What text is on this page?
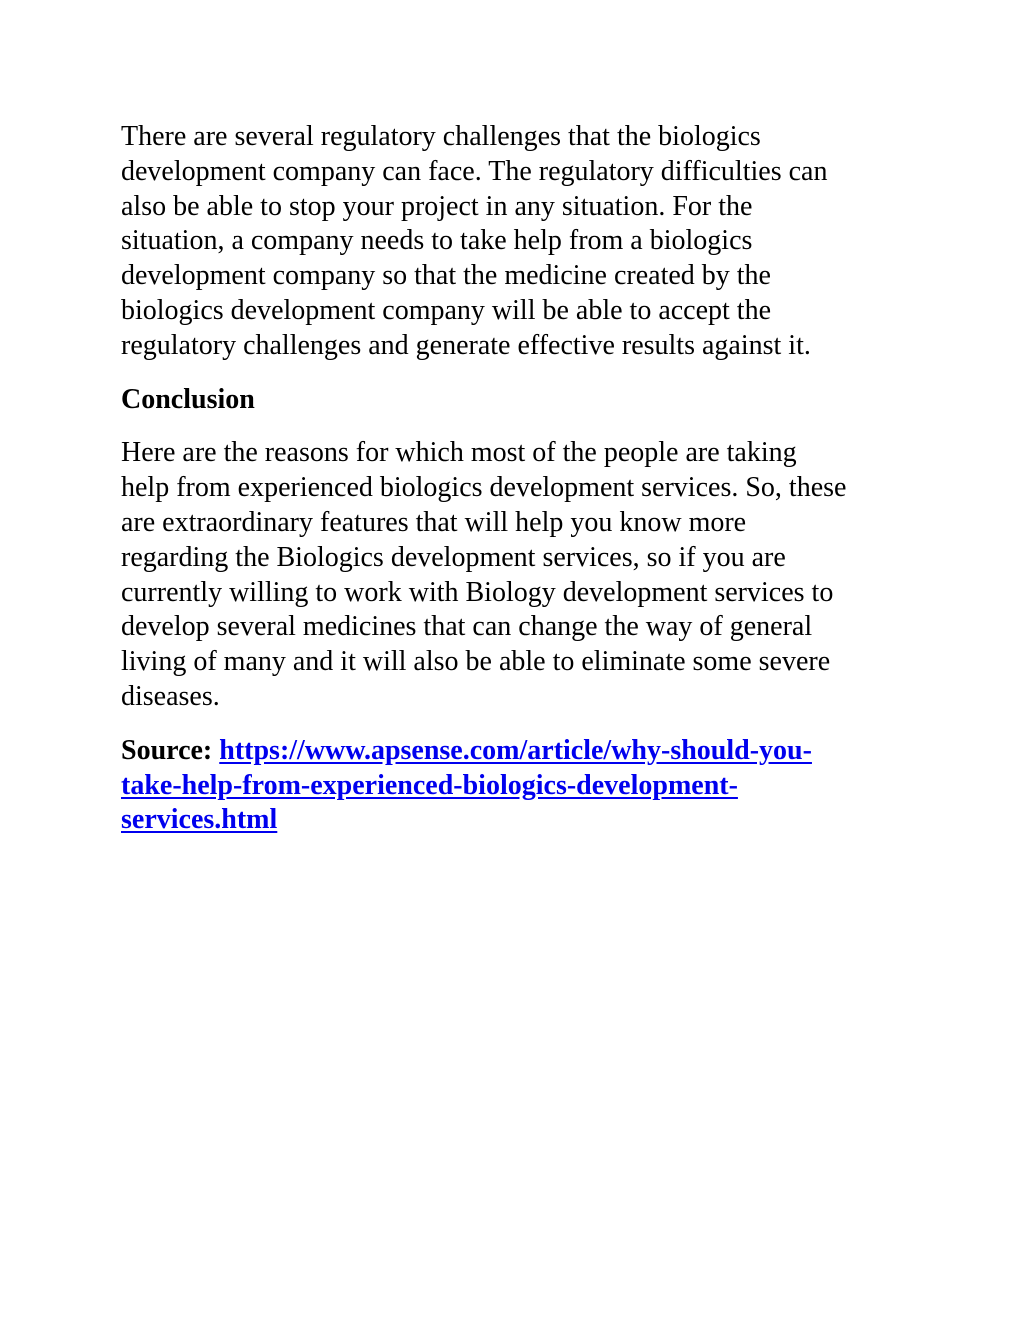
There are several regulatory challenges that the biologics
development company can face. The regulatory difficulties can
also be able to stop your project in any situation. For the
situation, a company needs to take help from a biologics
development company so that the medicine created by the
biologics development company will be able to accept the
regulatory challenges and generate effective results against it.

Conclusion

Here are the reasons for which most of the people are taking
help from experienced biologics development services. So, these
are extraordinary features that will help you know more
regarding the Biologics development services, so if you are
currently willing to work with Biology development services to
develop several medicines that can change the way of general
living of many and it will also be able to eliminate some severe
diseases.

Source: https://www.apsense.com/article/why-should-you-
take-help-from-experienced-biologics-development-
services.html
